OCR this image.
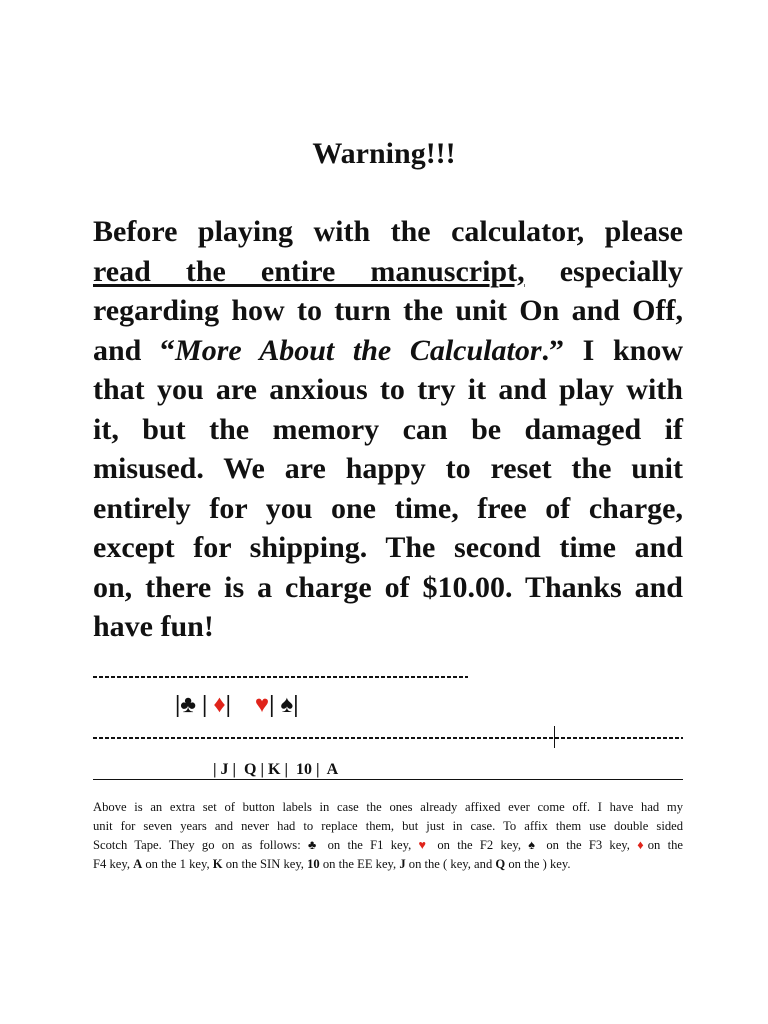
Warning!!!
Before playing with the calculator, please
read the entire manuscript, especially
regarding how to turn the unit On and Off,
and “More About the Calculator.” I know
that you are anxious to try it and play with
it, but the memory can be damaged if
misused. We are happy to reset the unit
entirely for you one time, free of charge,
except for shipping. The second time and
on, there is a charge of $10.00. Thanks and
have fun!
|♣ | ♦| ♥| ♠|
| J |  Q | K |  10 |  A
Above is an extra set of button labels in case the ones already affixed ever come off. I have had my
unit for seven years and never had to replace them, but just in case. To affix them use double sided
Scotch Tape. They go on as follows: ♣ on the F1 key, ♥ on the F2 key, ♠ on the F3 key, ♦on the
F4 key, A on the 1 key, K on the SIN key, 10 on the EE key, J on the ( key, and Q on the ) key.
